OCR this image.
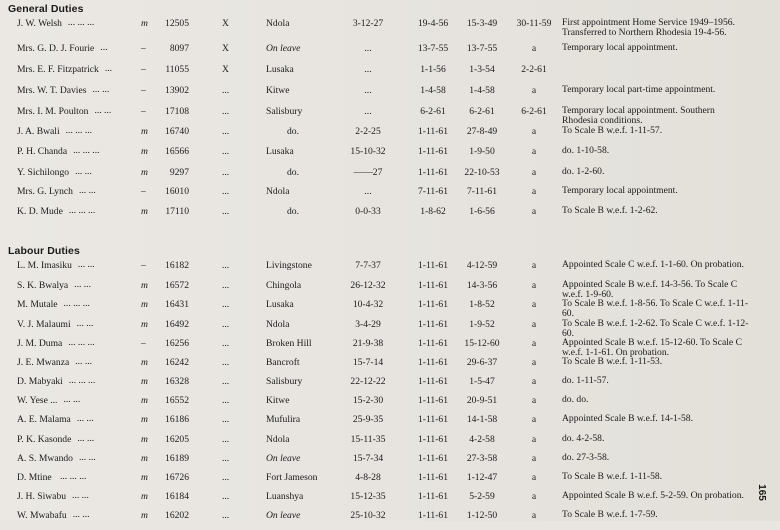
General Duties
... ... ...
J. W. Welsh	m	12505	X	Ndola	3-12-27	19-4-56	15-3-49	30-11-59	First appointment Home Service 1949–1956. Transferred to Northern Rhodesia 19-4-56.
...
Mrs. G. D. J. Fourie	–	8097	X	On leave	...	13-7-55	13-7-55	a	Temporary local appointment.
...
Mrs. E. F. Fitzpatrick	–	11055	X	Lusaka	...	1-1-56	1-3-54	2-2-61
... ...
Mrs. W. T. Davies	–	13902	...	Kitwe	...	1-4-58	1-4-58	a	Temporary local part-time appointment.
... ...
Mrs. I. M. Poulton	–	17108	...	Salisbury	...	6-2-61	6-2-61	6-2-61	Temporary local appointment. Southern Rhodesia conditions.
... ... ...
J. A. Bwali	m	16740	...	do.	2-2-25	1-11-61	27-8-49	a	To Scale B w.e.f. 1-11-57.
... ... ...
P. H. Chanda	m	16566	...	Lusaka	15-10-32	1-11-61	1-9-50	a	do. 1-10-58.
... ...
Y. Sichilongo	m	9297	...	do.	——27	1-11-61	22-10-53	a	do. 1-2-60.
... ...
Mrs. G. Lynch	–	16010	...	Ndola	...	7-11-61	7-11-61	a	Temporary local appointment.
... ... ...
K. D. Mude	m	17110	...	do.	0-0-33	1-8-62	1-6-56	a	To Scale B w.e.f. 1-2-62.
Labour Duties
... ...
L. M. Imasiku	–	16182	...	Livingstone	7-7-37	1-11-61	4-12-59	a	Appointed Scale C w.e.f. 1-1-60. On probation.
... ...
S. K. Bwalya	m	16572	...	Chingola	26-12-32	1-11-61	14-3-56	a	Appointed Scale B w.e.f. 14-3-56. To Scale C w.e.f. 1-9-60.
... ... ...
M. Mutale	m	16431	...	Lusaka	10-4-32	1-11-61	1-8-52	a	To Scale B w.e.f. 1-8-56. To Scale C w.e.f. 1-11-60.
... ...
V. J. Malaumi	m	16492	...	Ndola	3-4-29	1-11-61	1-9-52	a	To Scale B w.e.f. 1-2-62. To Scale C w.e.f. 1-12-60.
... ... ...
J. M. Duma	–	16256	...	Broken Hill	21-9-38	1-11-61	15-12-60	a	Appointed Scale B w.e.f. 15-12-60. To Scale C w.e.f. 1-1-61. On probation.
... ...
J. E. Mwanza	m	16242	...	Bancroft	15-7-14	1-11-61	29-6-37	a	To Scale B w.e.f. 1-11-53.
... ... ...
D. Mabyaki	m	16328	...	Salisbury	22-12-22	1-11-61	1-5-47	a	do. 1-11-57.
... ...
W. Yese ...	m	16552	...	Kitwe	15-2-30	1-11-61	20-9-51	a	do. do.
... ...
A. E. Malama	m	16186	...	Mufulira	25-9-35	1-11-61	14-1-58	a	Appointed Scale B w.e.f. 14-1-58.
... ...
P. K. Kasonde	m	16205	...	Ndola	15-11-35	1-11-61	4-2-58	a	do. 4-2-58.
... ...
A. S. Mwando	m	16189	...	On leave	15-7-34	1-11-61	27-3-58	a	do. 27-3-58.
... ... ...
D. Mtine	m	16726	...	Fort Jameson	4-8-28	1-11-61	1-12-47	a	To Scale B w.e.f. 1-11-58.
... ...
J. H. Siwabu	m	16184	...	Luanshya	15-12-35	1-11-61	5-2-59	a	Appointed Scale B w.e.f. 5-2-59. On probation.
... ...
W. Mwabafu	m	16202	...	On leave	25-10-32	1-11-61	1-12-50	a	To Scale B w.e.f. 1-7-59.
165
